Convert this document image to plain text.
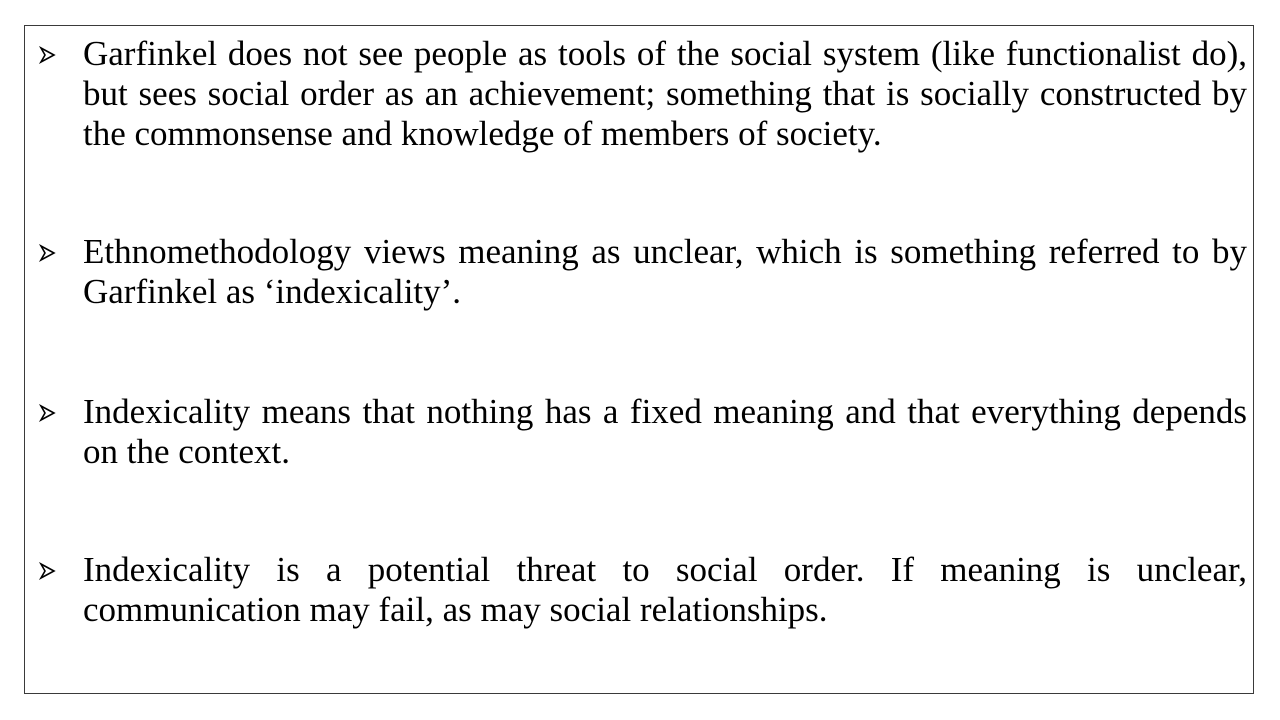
Garfinkel does not see people as tools of the social system (like functionalist do), but sees social order as an achievement; something that is socially constructed by the commonsense and knowledge of members of society.

Ethnomethodology views meaning as unclear, which is something referred to by Garfinkel as ‘indexicality’.

Indexicality means that nothing has a fixed meaning and that everything depends on the context.

Indexicality is a potential threat to social order. If meaning is unclear, communication may fail, as may social relationships.
